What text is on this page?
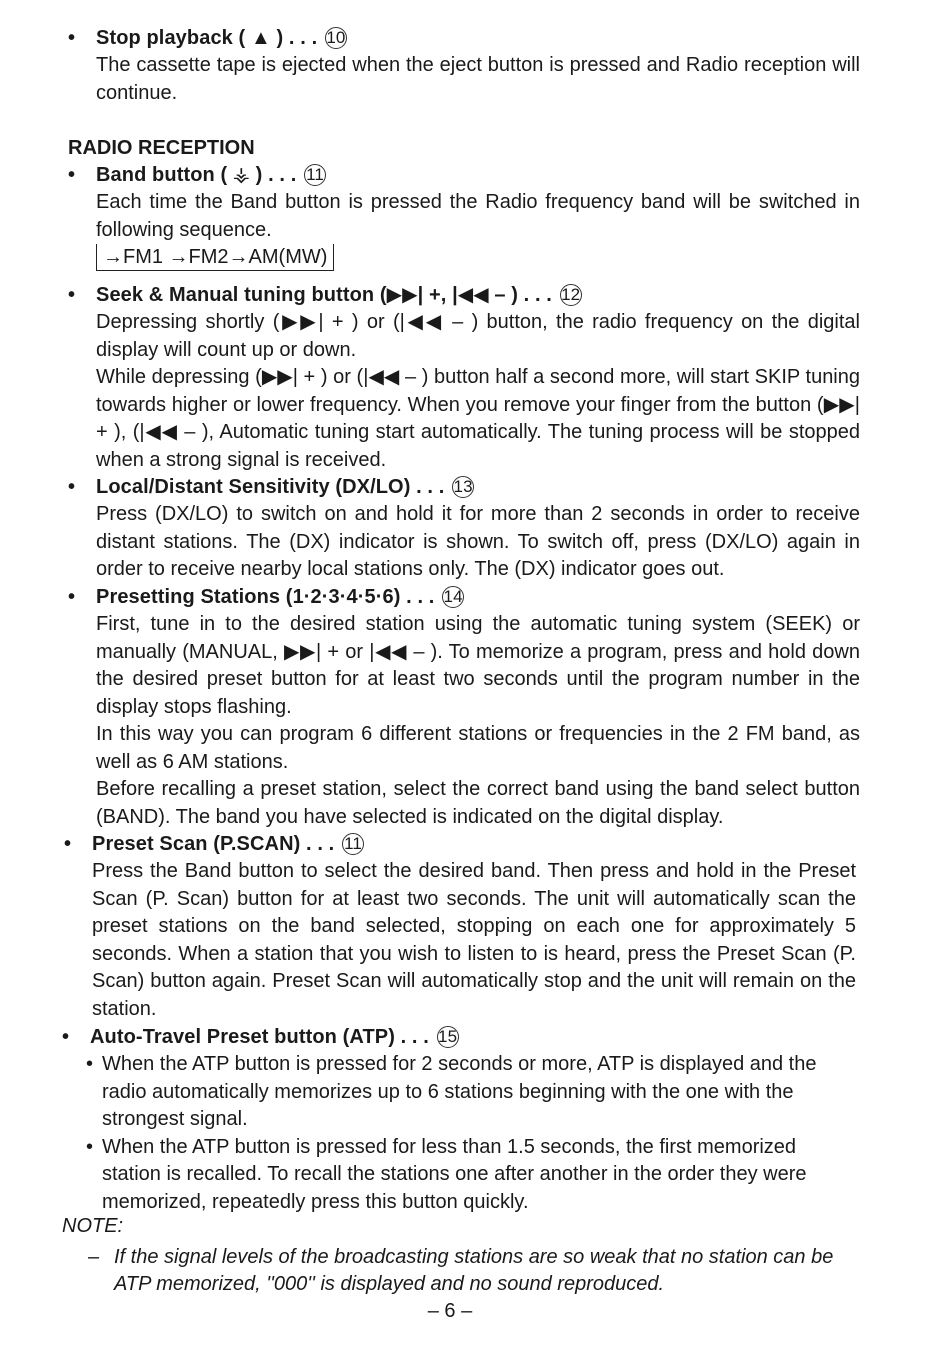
• Stop playback ( ▲ ) . . . 10
The cassette tape is ejected when the eject button is pressed and Radio reception will continue.
RADIO RECEPTION
• Band button ( ⚶ ) . . . 11
Each time the Band button is pressed the Radio frequency band will be switched in following sequence.
→FM1 →FM2→AM(MW)
• Seek & Manual tuning button (▶▶| +, |◀◀ – ) . . . 12
Depressing shortly (▶▶| + ) or (|◀◀ – ) button, the radio frequency on the digital display will count up or down.
While depressing (▶▶| + ) or (|◀◀ – ) button half a second more, will start SKIP tuning towards higher or lower frequency. When you remove your finger from the button (▶▶| + ), (|◀◀ – ), Automatic tuning start automatically. The tuning process will be stopped when a strong signal is received.
• Local/Distant Sensitivity (DX/LO) . . . 13
Press (DX/LO) to switch on and hold it for more than 2 seconds in order to receive distant stations. The (DX) indicator is shown. To switch off, press (DX/LO) again in order to receive nearby local stations only. The (DX) indicator goes out.
• Presetting Stations (1·2·3·4·5·6) . . . 14
First, tune in to the desired station using the automatic tuning system (SEEK) or manually (MANUAL, ▶▶| + or |◀◀ – ). To memorize a program, press and hold down the desired preset button for at least two seconds until the program number in the display stops flashing.
In this way you can program 6 different stations or frequencies in the 2 FM band, as well as 6 AM stations.
Before recalling a preset station, select the correct band using the band select button (BAND). The band you have selected is indicated on the digital display.
• Preset Scan (P.SCAN) . . . 11
Press the Band button to select the desired band. Then press and hold in the Preset Scan (P. Scan) button for at least two seconds. The unit will automatically scan the preset stations on the band selected, stopping on each one for approximately 5 seconds. When a station that you wish to listen to is heard, press the Preset Scan (P. Scan) button again. Preset Scan will automatically stop and the unit will remain on the station.
• Auto-Travel Preset button (ATP) . . . 15
• When the ATP button is pressed for 2 seconds or more, ATP is displayed and the radio automatically memorizes up to 6 stations beginning with the one with the strongest signal.
• When the ATP button is pressed for less than 1.5 seconds, the first memorized station is recalled. To recall the stations one after another in the order they were memorized, repeatedly press this button quickly.
NOTE:
– If the signal levels of the broadcasting stations are so weak that no station can be ATP memorized, ''000'' is displayed and no sound reproduced.
– 6 –
